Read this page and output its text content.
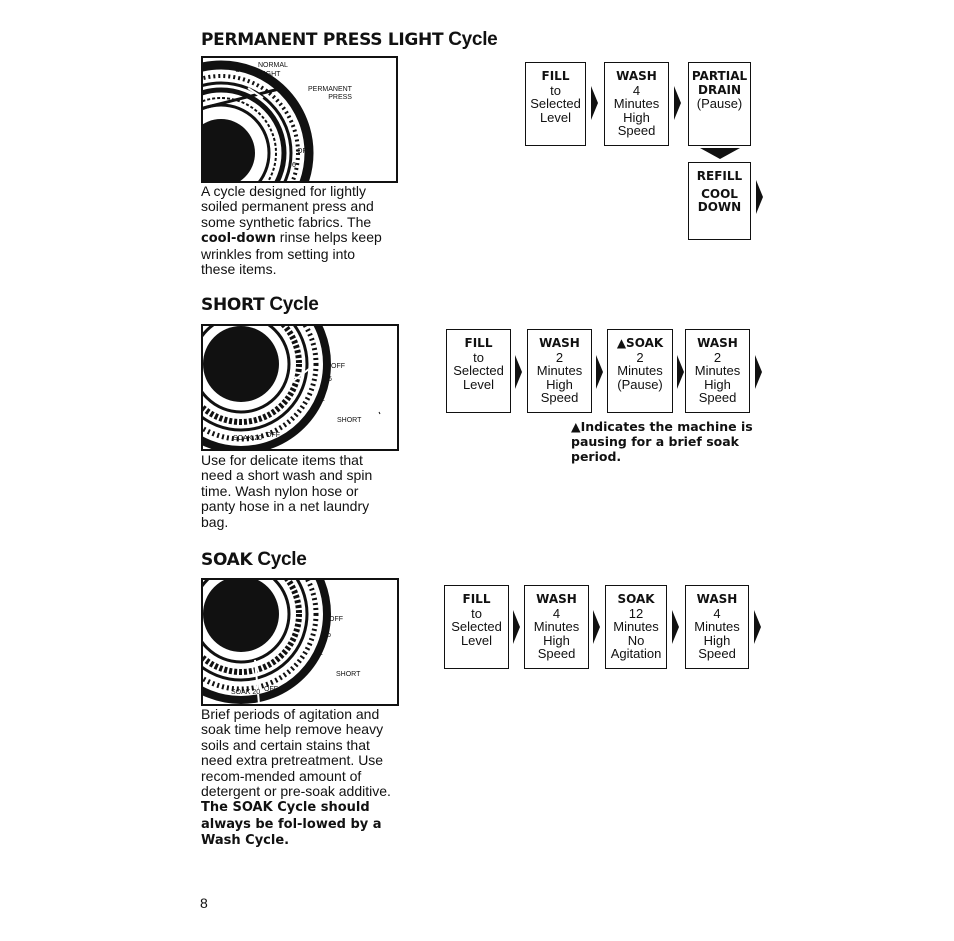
PERMANENT PRESS LIGHT Cycle
OFF R
NORMAL
4 LIGHT
PERMANENT
PRESS
OFF
6

A cycle designed for lightly soiled permanent press and some synthetic fabrics. The cool-down rinse helps keep wrinkles from setting into these items.

FILL
to
Selected
Level
WASH
4
Minutes
High
Speed
PARTIAL
DRAIN
(Pause)
REFILL
COOL
DOWN
SHORT Cycle
OFF
6
2
SHORT
SOAK 20 OFF

Use for delicate items that need a short wash and spin time. Wash nylon hose or panty hose in a net laundry bag.

FILL
to
Selected
Level
WASH
2
Minutes
High
Speed
▲SOAK
2
Minutes
(Pause)
WASH
2
Minutes
High
Speed
▲Indicates the machine is pausing for a brief soak period.
SOAK Cycle
OFF
b
2
SHORT
SOAK 20 OFF

Brief periods of agitation and soak time help remove heavy soils and certain stains that need extra pretreatment. Use recom-mended amount of detergent or pre-soak additive. The SOAK Cycle should always be fol-lowed by a Wash Cycle.

FILL
to
Selected
Level
WASH
4
Minutes
High
Speed
SOAK
12
Minutes
No
Agitation
WASH
4
Minutes
High
Speed
8
